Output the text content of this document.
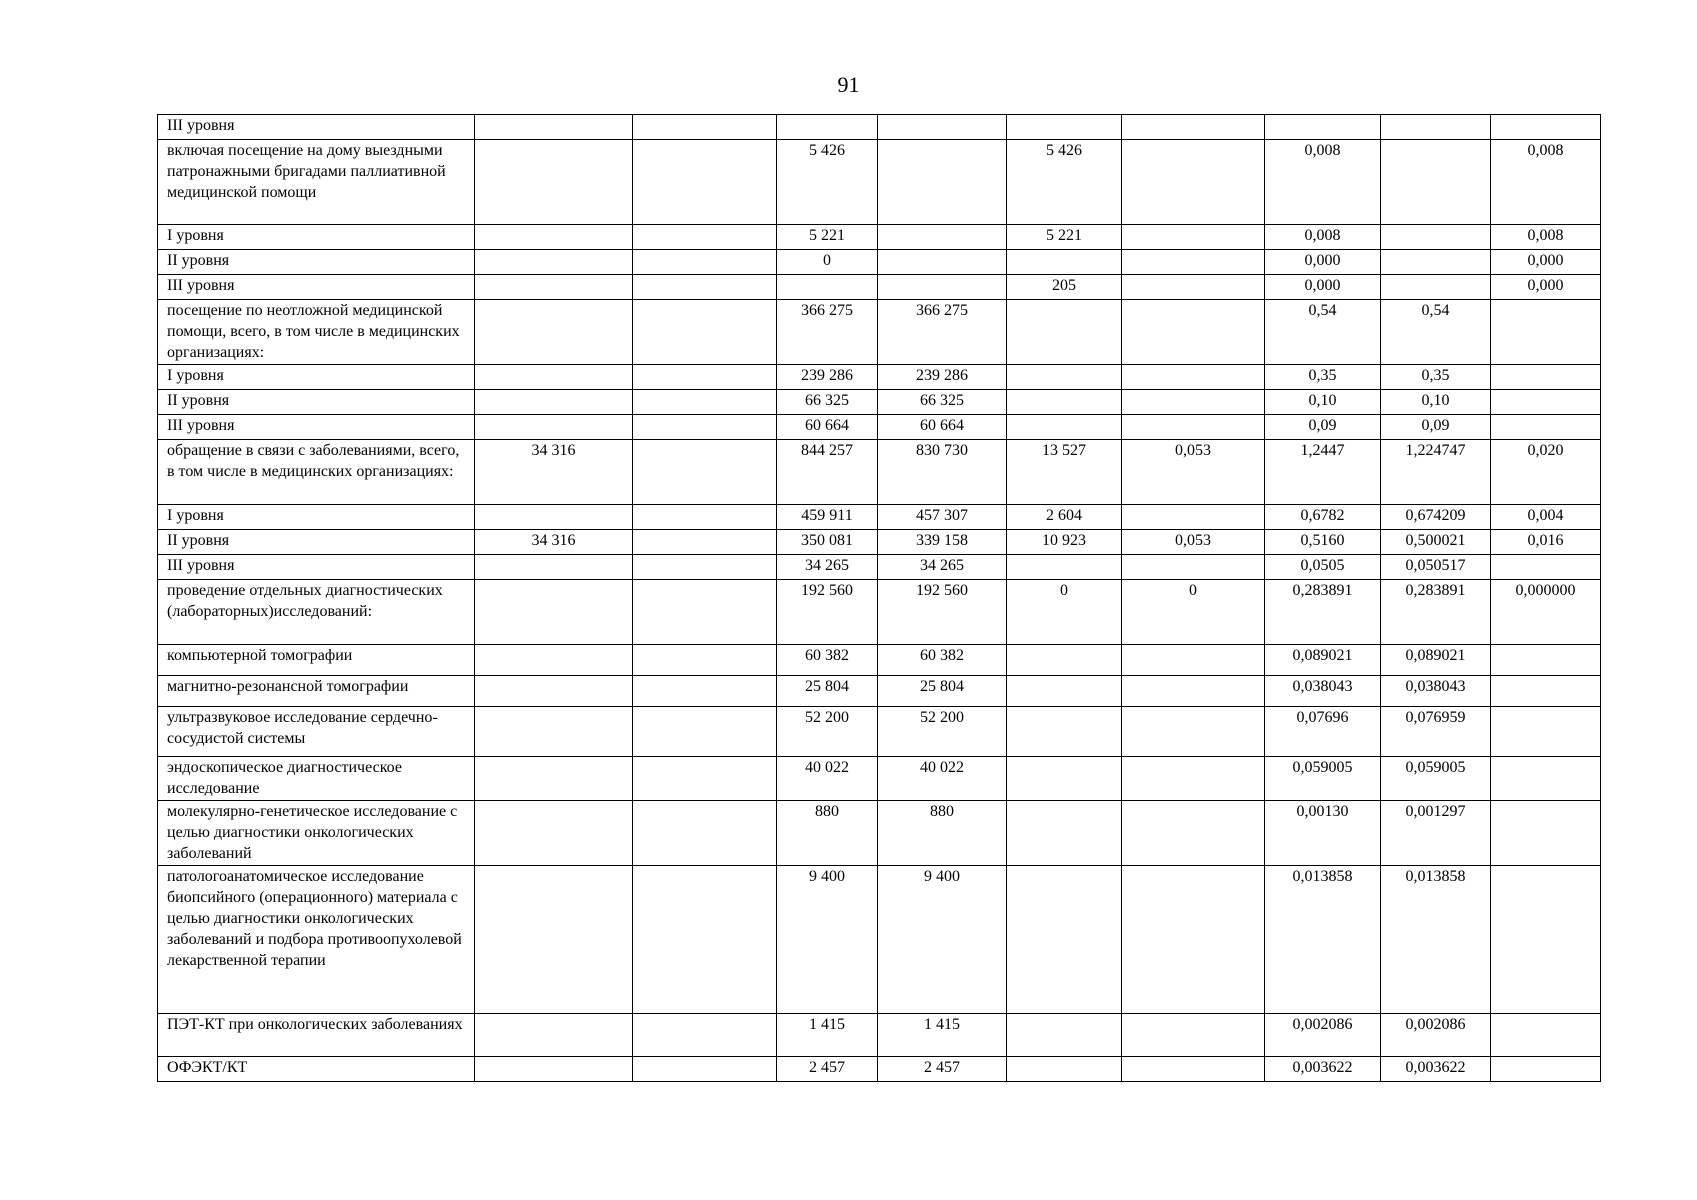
91
III уровня									
включая посещение на дому выездными патронажными бригадами паллиативной медицинской помощи			5 426		5 426		0,008		0,008
I уровня			5 221		5 221		0,008		0,008
II уровня			0				0,000		0,000
III уровня					205		0,000		0,000
посещение по неотложной медицинской помощи, всего, в том числе в медицинских организациях:			366 275	366 275			0,54	0,54	
I уровня			239 286	239 286			0,35	0,35	
II уровня			66 325	66 325			0,10	0,10	
III уровня			60 664	60 664			0,09	0,09	
обращение в связи с заболеваниями, всего, в том числе в медицинских организациях:	34 316		844 257	830 730	13 527	0,053	1,2447	1,224747	0,020
I уровня			459 911	457 307	2 604		0,6782	0,674209	0,004
II уровня	34 316		350 081	339 158	10 923	0,053	0,5160	0,500021	0,016
III уровня			34 265	34 265			0,0505	0,050517	
проведение отдельных диагностических (лабораторных)исследований:			192 560	192 560	0	0	0,283891	0,283891	0,000000
компьютерной томографии			60 382	60 382			0,089021	0,089021	
магнитно-резонансной томографии			25 804	25 804			0,038043	0,038043	
ультразвуковое исследование сердечно-сосудистой системы			52 200	52 200			0,07696	0,076959	
эндоскопическое диагностическое исследование			40 022	40 022			0,059005	0,059005	
молекулярно-генетическое исследование с целью диагностики онкологических заболеваний			880	880			0,00130	0,001297	
патологоанатомическое исследование биопсийного (операционного) материала с целью диагностики онкологических заболеваний и подбора противоопухолевой лекарственной терапии			9 400	9 400			0,013858	0,013858	
ПЭТ-КТ при онкологических заболеваниях			1 415	1 415			0,002086	0,002086	
ОФЭКТ/КТ			2 457	2 457			0,003622	0,003622	
